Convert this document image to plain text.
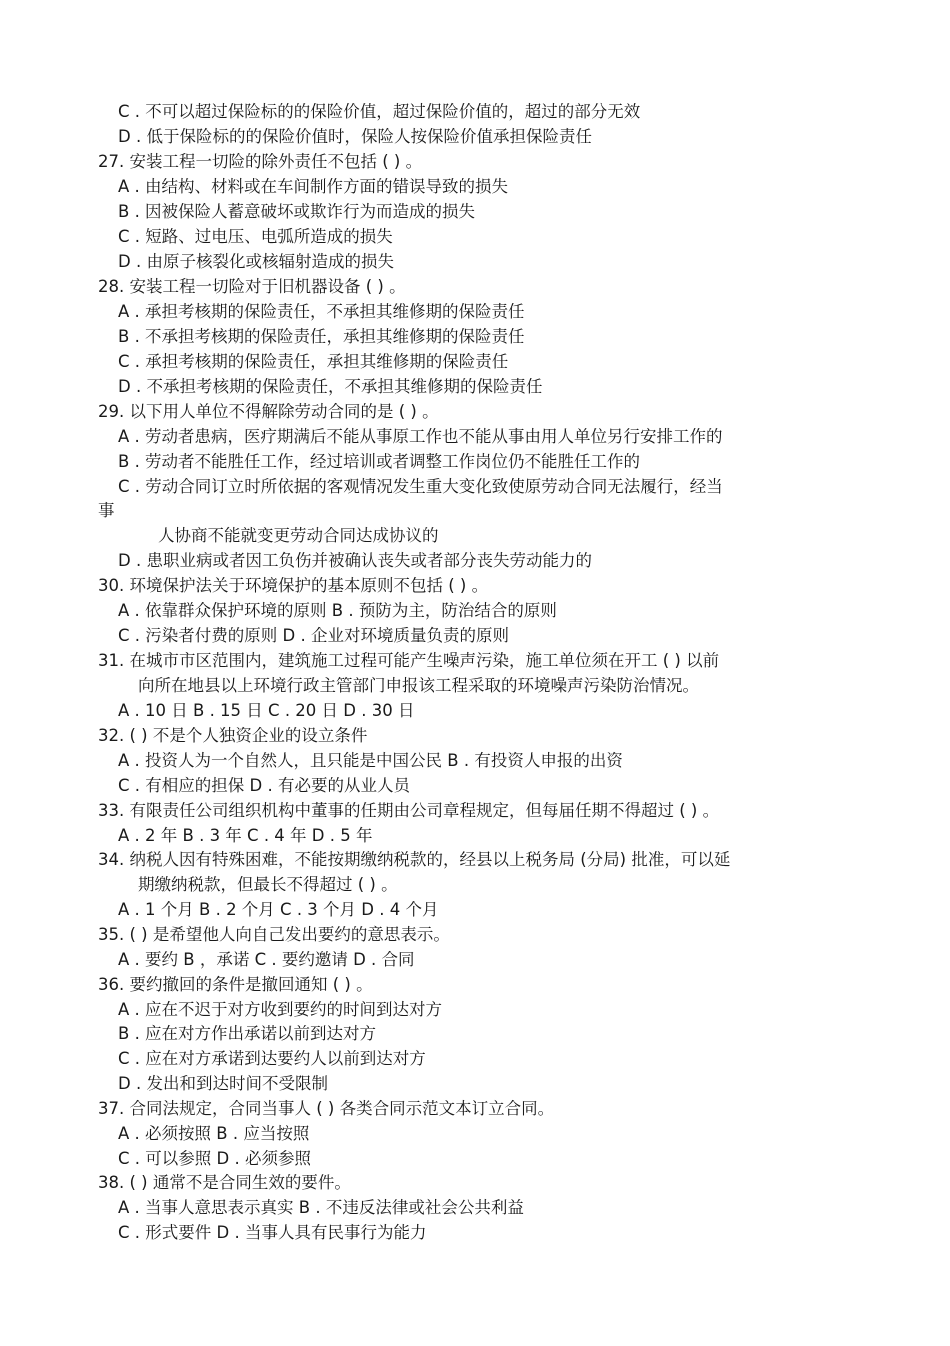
C . 不可以超过保险标的的保险价值，超过保险价值的，超过的部分无效
D . 低于保险标的的保险价值时，保险人按保险价值承担保险责任
27. 安装工程一切险的除外责任不包括 ( ) 。
A . 由结构、材料或在车间制作方面的错误导致的损失
B . 因被保险人蓄意破坏或欺诈行为而造成的损失
C . 短路、过电压、电弧所造成的损失
D . 由原子核裂化或核辐射造成的损失
28. 安装工程一切险对于旧机器设备 ( ) 。
A . 承担考核期的保险责任，不承担其维修期的保险责任
B . 不承担考核期的保险责任，承担其维修期的保险责任
C . 承担考核期的保险责任，承担其维修期的保险责任
D . 不承担考核期的保险责任，不承担其维修期的保险责任
29. 以下用人单位不得解除劳动合同的是 ( ) 。
A . 劳动者患病，医疗期满后不能从事原工作也不能从事由用人单位另行安排工作的
B . 劳动者不能胜任工作，经过培训或者调整工作岗位仍不能胜任工作的
C . 劳动合同订立时所依据的客观情况发生重大变化致使原劳动合同无法履行，经当
事
人协商不能就变更劳动合同达成协议的
D . 患职业病或者因工负伤并被确认丧失或者部分丧失劳动能力的
30. 环境保护法关于环境保护的基本原则不包括 ( ) 。
A . 依靠群众保护环境的原则 B . 预防为主，防治结合的原则
C . 污染者付费的原则 D . 企业对环境质量负责的原则
31. 在城市市区范围内，建筑施工过程可能产生噪声污染，施工单位须在开工 ( ) 以前
向所在地县以上环境行政主管部门申报该工程采取的环境噪声污染防治情况。
A . 10 日 B . 15 日 C . 20 日 D . 30 日
32. ( ) 不是个人独资企业的设立条件
A . 投资人为一个自然人，且只能是中国公民 B . 有投资人申报的出资
C . 有相应的担保 D . 有必要的从业人员
33. 有限责任公司组织机构中董事的任期由公司章程规定，但每届任期不得超过 ( ) 。
A . 2 年 B . 3 年 C . 4 年 D . 5 年
34. 纳税人因有特殊困难，不能按期缴纳税款的，经县以上税务局 (分局) 批准，可以延
期缴纳税款，但最长不得超过 ( ) 。
A . 1 个月 B . 2 个月 C . 3 个月 D . 4 个月
35. ( ) 是希望他人向自己发出要约的意思表示。
A . 要约 B ，承诺 C . 要约邀请 D . 合同
36. 要约撤回的条件是撤回通知 ( ) 。
A . 应在不迟于对方收到要约的时间到达对方
B . 应在对方作出承诺以前到达对方
C . 应在对方承诺到达要约人以前到达对方
D . 发出和到达时间不受限制
37. 合同法规定，合同当事人 ( ) 各类合同示范文本订立合同。
A . 必须按照 B . 应当按照
C . 可以参照 D . 必须参照
38. ( ) 通常不是合同生效的要件。
A . 当事人意思表示真实 B . 不违反法律或社会公共利益
C . 形式要件 D . 当事人具有民事行为能力
